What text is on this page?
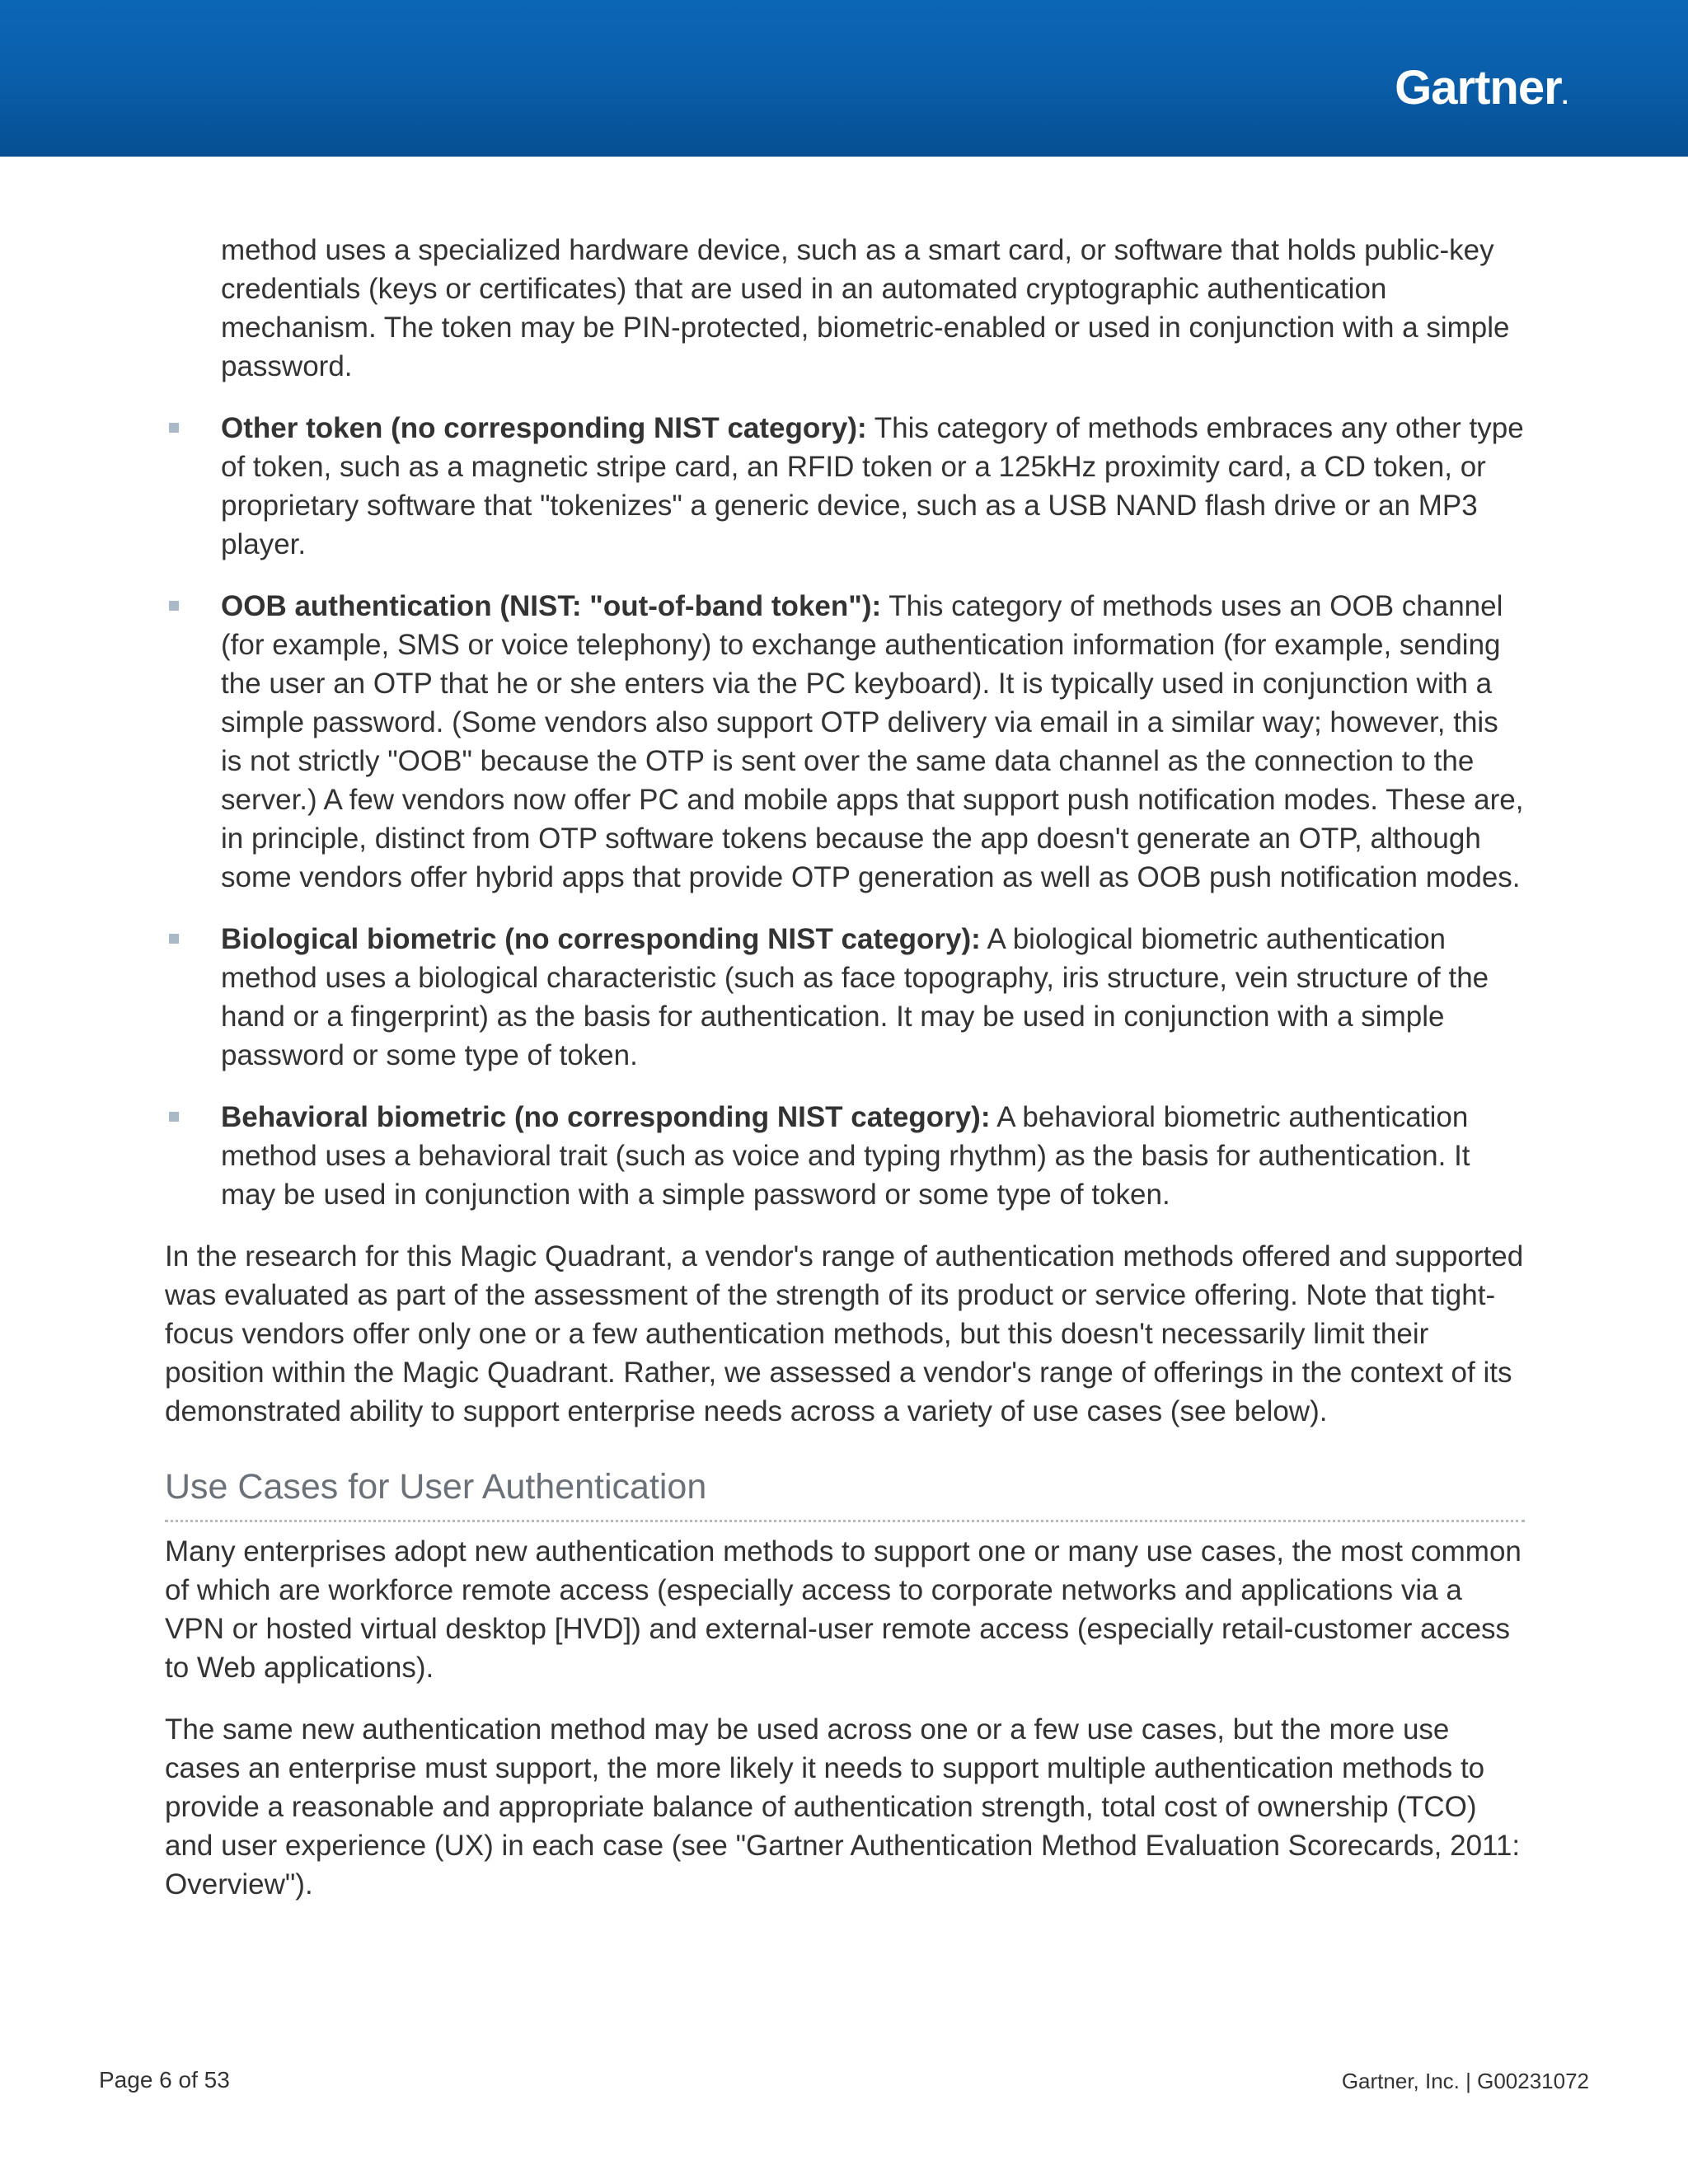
Gartner.

method uses a specialized hardware device, such as a smart card, or software that holds public-key credentials (keys or certificates) that are used in an automated cryptographic authentication mechanism. The token may be PIN-protected, biometric-enabled or used in conjunction with a simple password.

Other token (no corresponding NIST category): This category of methods embraces any other type of token, such as a magnetic stripe card, an RFID token or a 125kHz proximity card, a CD token, or proprietary software that "tokenizes" a generic device, such as a USB NAND flash drive or an MP3 player.
OOB authentication (NIST: "out-of-band token"): This category of methods uses an OOB channel (for example, SMS or voice telephony) to exchange authentication information (for example, sending the user an OTP that he or she enters via the PC keyboard). It is typically used in conjunction with a simple password. (Some vendors also support OTP delivery via email in a similar way; however, this is not strictly "OOB" because the OTP is sent over the same data channel as the connection to the server.) A few vendors now offer PC and mobile apps that support push notification modes. These are, in principle, distinct from OTP software tokens because the app doesn't generate an OTP, although some vendors offer hybrid apps that provide OTP generation as well as OOB push notification modes.
Biological biometric (no corresponding NIST category): A biological biometric authentication method uses a biological characteristic (such as face topography, iris structure, vein structure of the hand or a fingerprint) as the basis for authentication. It may be used in conjunction with a simple password or some type of token.
Behavioral biometric (no corresponding NIST category): A behavioral biometric authentication method uses a behavioral trait (such as voice and typing rhythm) as the basis for authentication. It may be used in conjunction with a simple password or some type of token.

In the research for this Magic Quadrant, a vendor's range of authentication methods offered and supported was evaluated as part of the assessment of the strength of its product or service offering. Note that tight-focus vendors offer only one or a few authentication methods, but this doesn't necessarily limit their position within the Magic Quadrant. Rather, we assessed a vendor's range of offerings in the context of its demonstrated ability to support enterprise needs across a variety of use cases (see below).

Use Cases for User Authentication

Many enterprises adopt new authentication methods to support one or many use cases, the most common of which are workforce remote access (especially access to corporate networks and applications via a VPN or hosted virtual desktop [HVD]) and external-user remote access (especially retail-customer access to Web applications).

The same new authentication method may be used across one or a few use cases, but the more use cases an enterprise must support, the more likely it needs to support multiple authentication methods to provide a reasonable and appropriate balance of authentication strength, total cost of ownership (TCO) and user experience (UX) in each case (see "Gartner Authentication Method Evaluation Scorecards, 2011: Overview").

Page 6 of 53	Gartner, Inc. | G00231072
